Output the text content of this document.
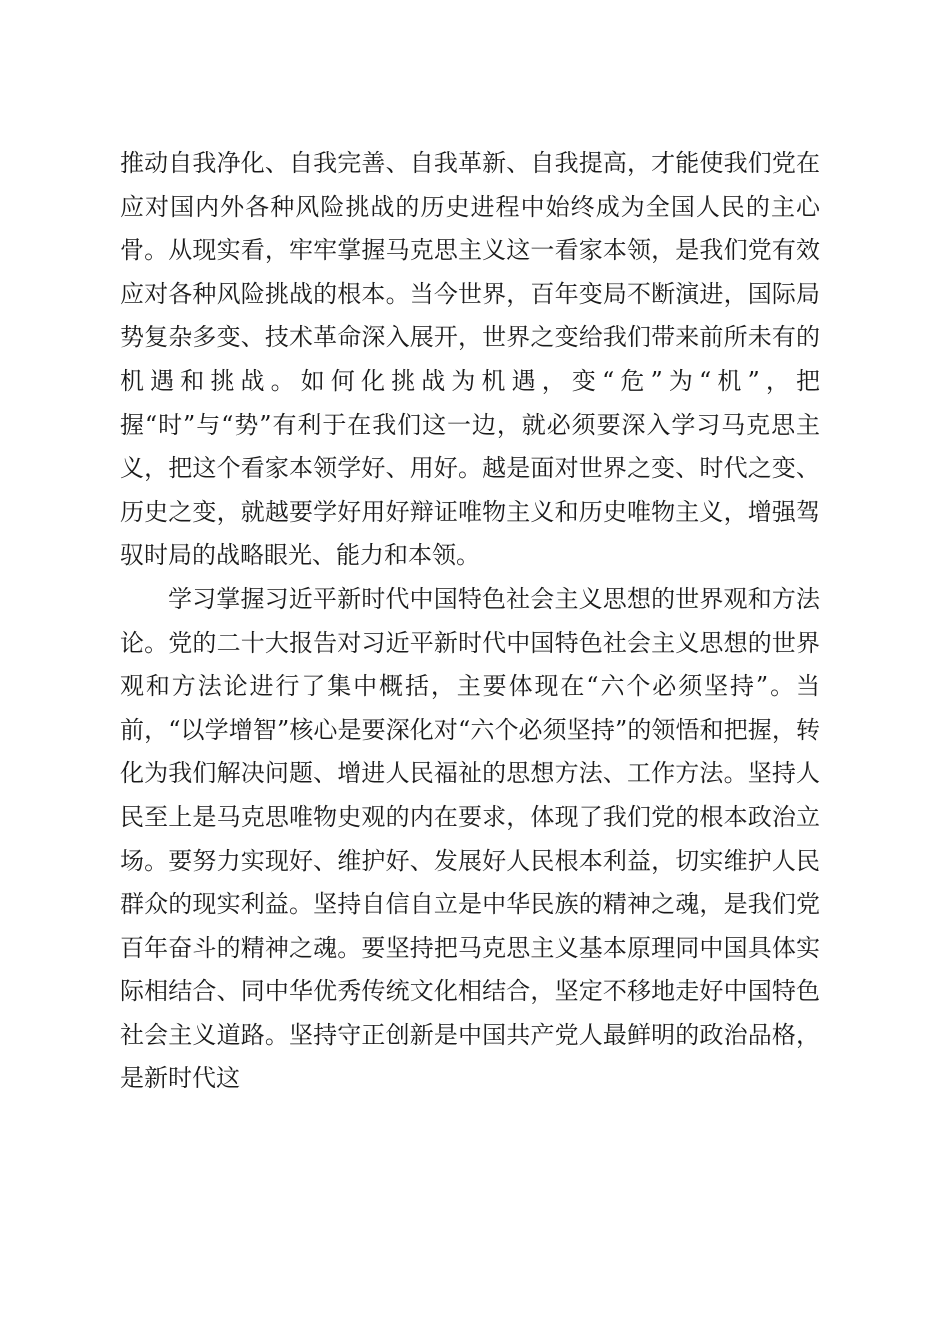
推动自我净化、自我完善、自我革新、自我提高，才能使我们党在应对国内外各种风险挑战的历史进程中始终成为全国人民的主心骨。从现实看，牢牢掌握马克思主义这一看家本领，是我们党有效应对各种风险挑战的根本。当今世界，百年变局不断演进，国际局势复杂多变、技术革命深入展开，世界之变给我们带来前所未有的机遇和挑战。如何化挑战为机遇，变“危”为“机”，把握“时”与“势”有利于在我们这一边，就必须要深入学习马克思主义，把这个看家本领学好、用好。越是面对世界之变、时代之变、历史之变，就越要学好用好辩证唯物主义和历史唯物主义，增强驾驭时局的战略眼光、能力和本领。

学习掌握习近平新时代中国特色社会主义思想的世界观和方法论。党的二十大报告对习近平新时代中国特色社会主义思想的世界观和方法论进行了集中概括，主要体现在“六个必须坚持”。当前，“以学增智”核心是要深化对“六个必须坚持”的领悟和把握，转化为我们解决问题、增进人民福祉的思想方法、工作方法。坚持人民至上是马克思唯物史观的内在要求，体现了我们党的根本政治立场。要努力实现好、维护好、发展好人民根本利益，切实维护人民群众的现实利益。坚持自信自立是中华民族的精神之魂，是我们党百年奋斗的精神之魂。要坚持把马克思主义基本原理同中国具体实际相结合、同中华优秀传统文化相结合，坚定不移地走好中国特色社会主义道路。坚持守正创新是中国共产党人最鲜明的政治品格，是新时代这
